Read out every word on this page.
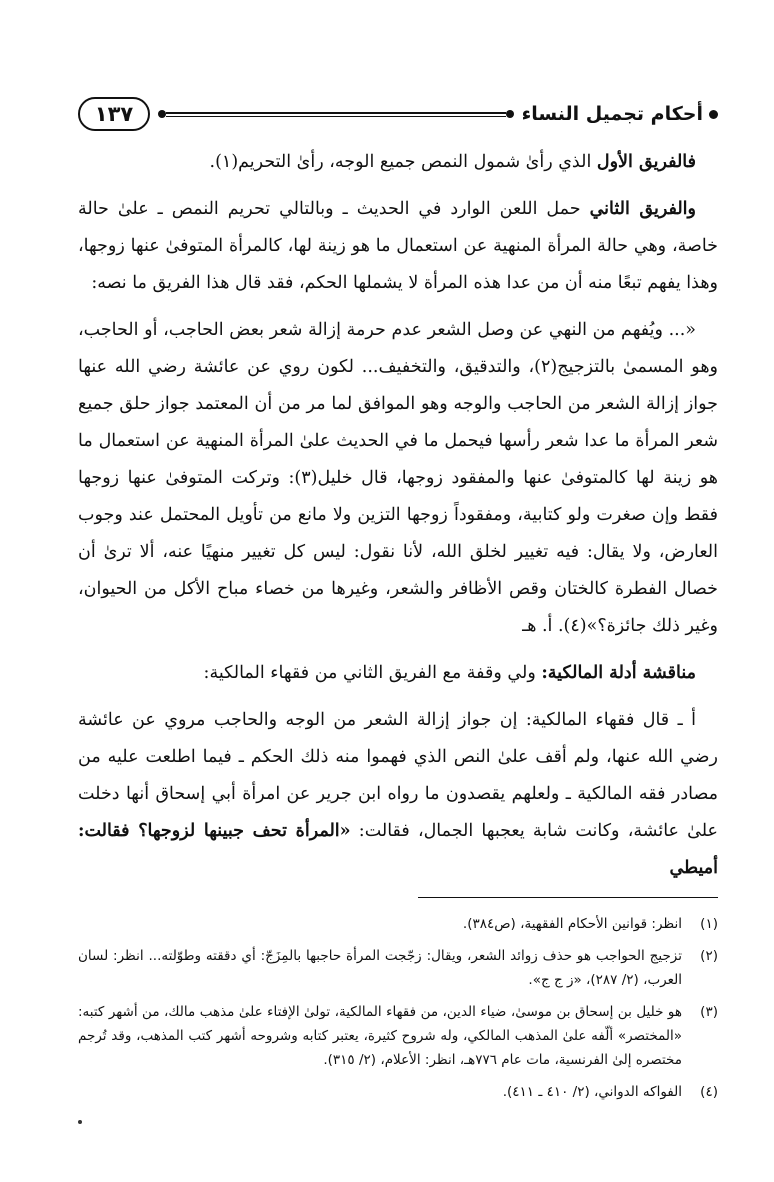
أحكام تجميل النساء
١٣٧

فالفريق الأول الذي رأىٰ شمول النمص جميع الوجه، رأىٰ التحريم(١).

والفريق الثاني حمل اللعن الوارد في الحديث ـ وبالتالي تحريم النمص ـ علىٰ حالة خاصة، وهي حالة المرأة المنهية عن استعمال ما هو زينة لها، كالمرأة المتوفىٰ عنها زوجها، وهذا يفهم تبعًا منه أن من عدا هذه المرأة لا يشملها الحكم، فقد قال هذا الفريق ما نصه:

«... ويُفهم من النهي عن وصل الشعر عدم حرمة إزالة شعر بعض الحاجب، أو الحاجب، وهو المسمىٰ بالتزجيج(٢)، والتدقيق، والتخفيف... لكون روي عن عائشة رضي الله عنها جواز إزالة الشعر من الحاجب والوجه وهو الموافق لما مر من أن المعتمد جواز حلق جميع شعر المرأة ما عدا شعر رأسها فيحمل ما في الحديث علىٰ المرأة المنهية عن استعمال ما هو زينة لها كالمتوفىٰ عنها والمفقود زوجها، قال خليل(٣): وتركت المتوفىٰ عنها زوجها فقط وإن صغرت ولو كتابية، ومفقوداً زوجها التزين ولا مانع من تأويل المحتمل عند وجوب العارض، ولا يقال: فيه تغيير لخلق الله، لأنا نقول: ليس كل تغيير منهيًا عنه، ألا ترىٰ أن خصال الفطرة كالختان وقص الأظافر والشعر، وغيرها من خصاء مباح الأكل من الحيوان، وغير ذلك جائزة؟»(٤). أ. هـ

مناقشة أدلة المالكية: ولي وقفة مع الفريق الثاني من فقهاء المالكية:

أ ـ قال فقهاء المالكية: إن جواز إزالة الشعر من الوجه والحاجب مروي عن عائشة رضي الله عنها، ولم أقف علىٰ النص الذي فهموا منه ذلك الحكم ـ فيما اطلعت عليه من مصادر فقه المالكية ـ ولعلهم يقصدون ما رواه ابن جرير عن امرأة أبي إسحاق أنها دخلت علىٰ عائشة، وكانت شابة يعجبها الجمال، فقالت: «المرأة تحف جبينها لزوجها؟ فقالت: أميطي

(١)
انظر: قوانين الأحكام الفقهية، (ص٣٨٤).
(٢)
تزجيج الحواجب هو حذف زوائد الشعر، ويقال: زجّجت المرأة حاجبها بالمِزَجّ: أي دققته وطوّلته... انظر: لسان العرب، (٢/ ٢٨٧)، «ز ج ج».
(٣)
هو خليل بن إسحاق بن موسىٰ، ضياء الدين، من فقهاء المالكية، تولىٰ الإفتاء علىٰ مذهب مالك، من أشهر كتبه: «المختصر» ألّفه علىٰ المذهب المالكي، وله شروح كثيرة، يعتبر كتابه وشروحه أشهر كتب المذهب، وقد تُرجم مختصره إلىٰ الفرنسية، مات عام ٧٧٦هـ، انظر: الأعلام، (٢/ ٣١٥).
(٤)
الفواكه الدواني، (٢/ ٤١٠ ـ ٤١١).
